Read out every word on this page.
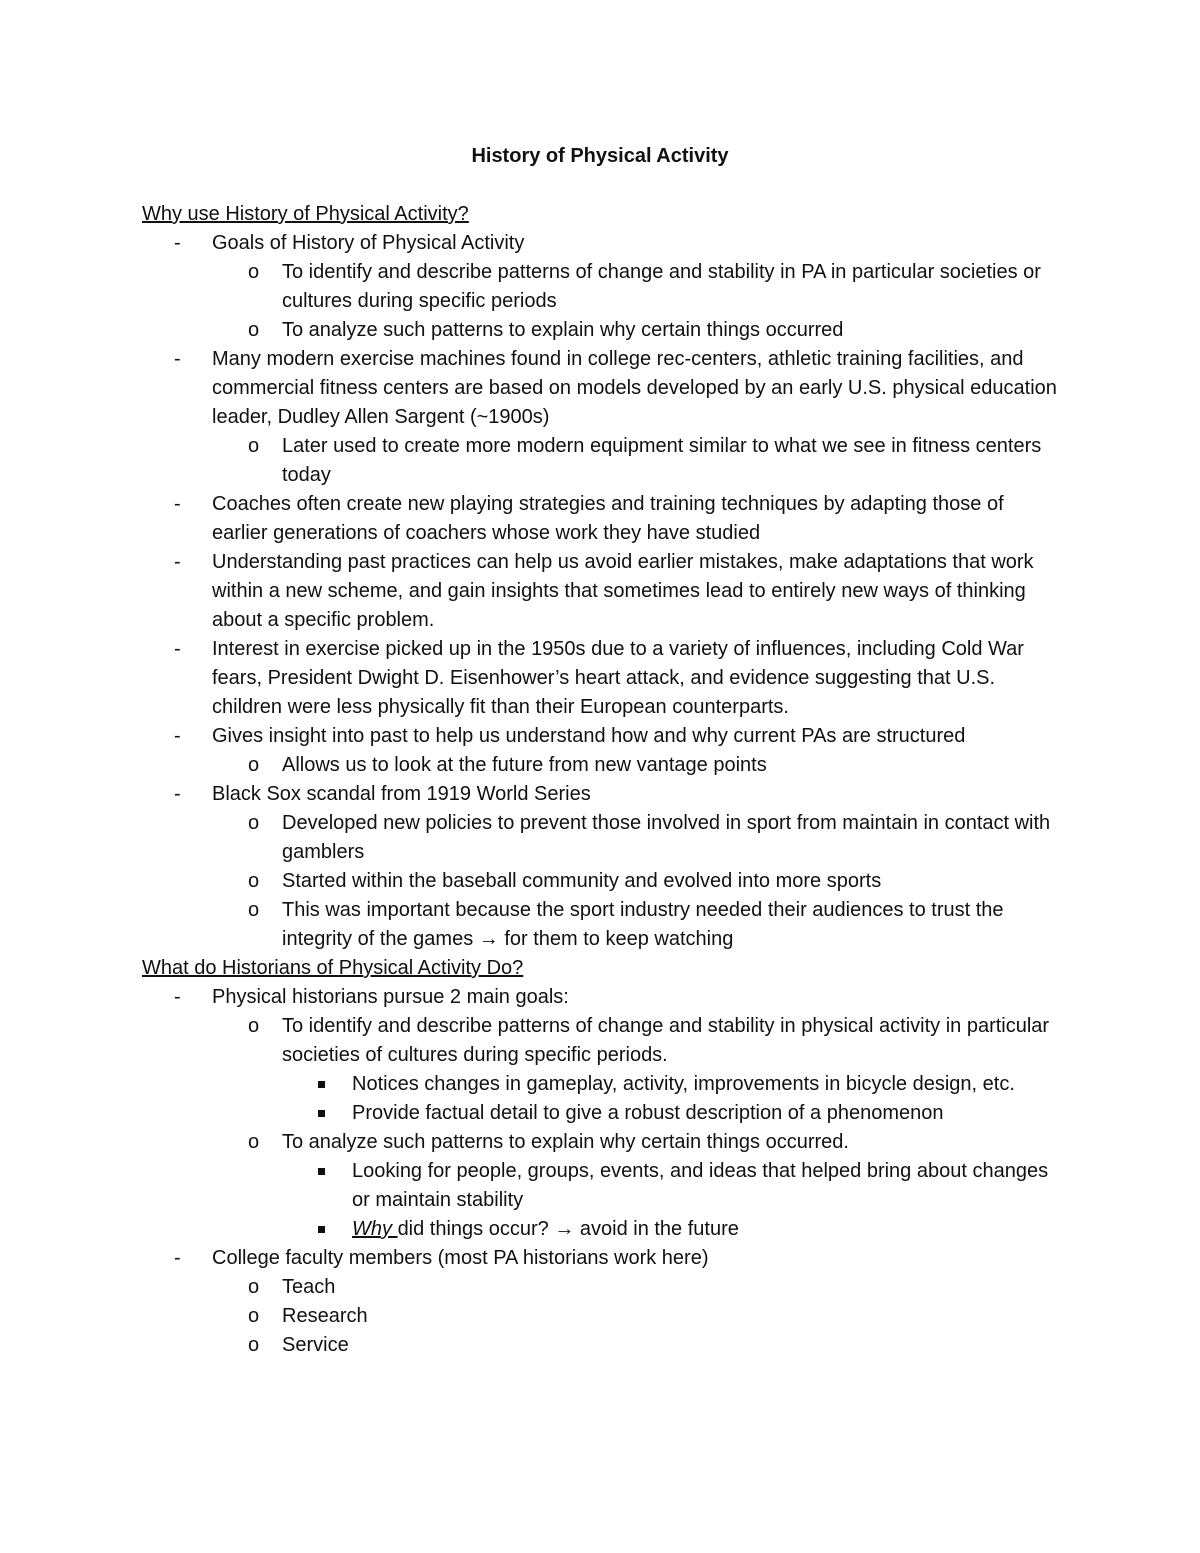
History of Physical Activity

Why use History of Physical Activity?

- Goals of History of Physical Activity

o To identify and describe patterns of change and stability in PA in particular societies or cultures during specific periods

o To analyze such patterns to explain why certain things occurred

- Many modern exercise machines found in college rec-centers, athletic training facilities, and commercial fitness centers are based on models developed by an early U.S. physical education leader, Dudley Allen Sargent (~1900s)

o Later used to create more modern equipment similar to what we see in fitness centers today

- Coaches often create new playing strategies and training techniques by adapting those of earlier generations of coachers whose work they have studied

- Understanding past practices can help us avoid earlier mistakes, make adaptations that work within a new scheme, and gain insights that sometimes lead to entirely new ways of thinking about a specific problem.

- Interest in exercise picked up in the 1950s due to a variety of influences, including Cold War fears, President Dwight D. Eisenhower’s heart attack, and evidence suggesting that U.S. children were less physically fit than their European counterparts.

- Gives insight into past to help us understand how and why current PAs are structured

o Allows us to look at the future from new vantage points

- Black Sox scandal from 1919 World Series

o Developed new policies to prevent those involved in sport from maintain in contact with gamblers

o Started within the baseball community and evolved into more sports

o This was important because the sport industry needed their audiences to trust the integrity of the games → for them to keep watching

What do Historians of Physical Activity Do?

- Physical historians pursue 2 main goals:

o To identify and describe patterns of change and stability in physical activity in particular societies of cultures during specific periods.

Notices changes in gameplay, activity, improvements in bicycle design, etc.

Provide factual detail to give a robust description of a phenomenon

o To analyze such patterns to explain why certain things occurred.

Looking for people, groups, events, and ideas that helped bring about changes or maintain stability

Why did things occur? → avoid in the future

- College faculty members (most PA historians work here)

o Teach

o Research

o Service
